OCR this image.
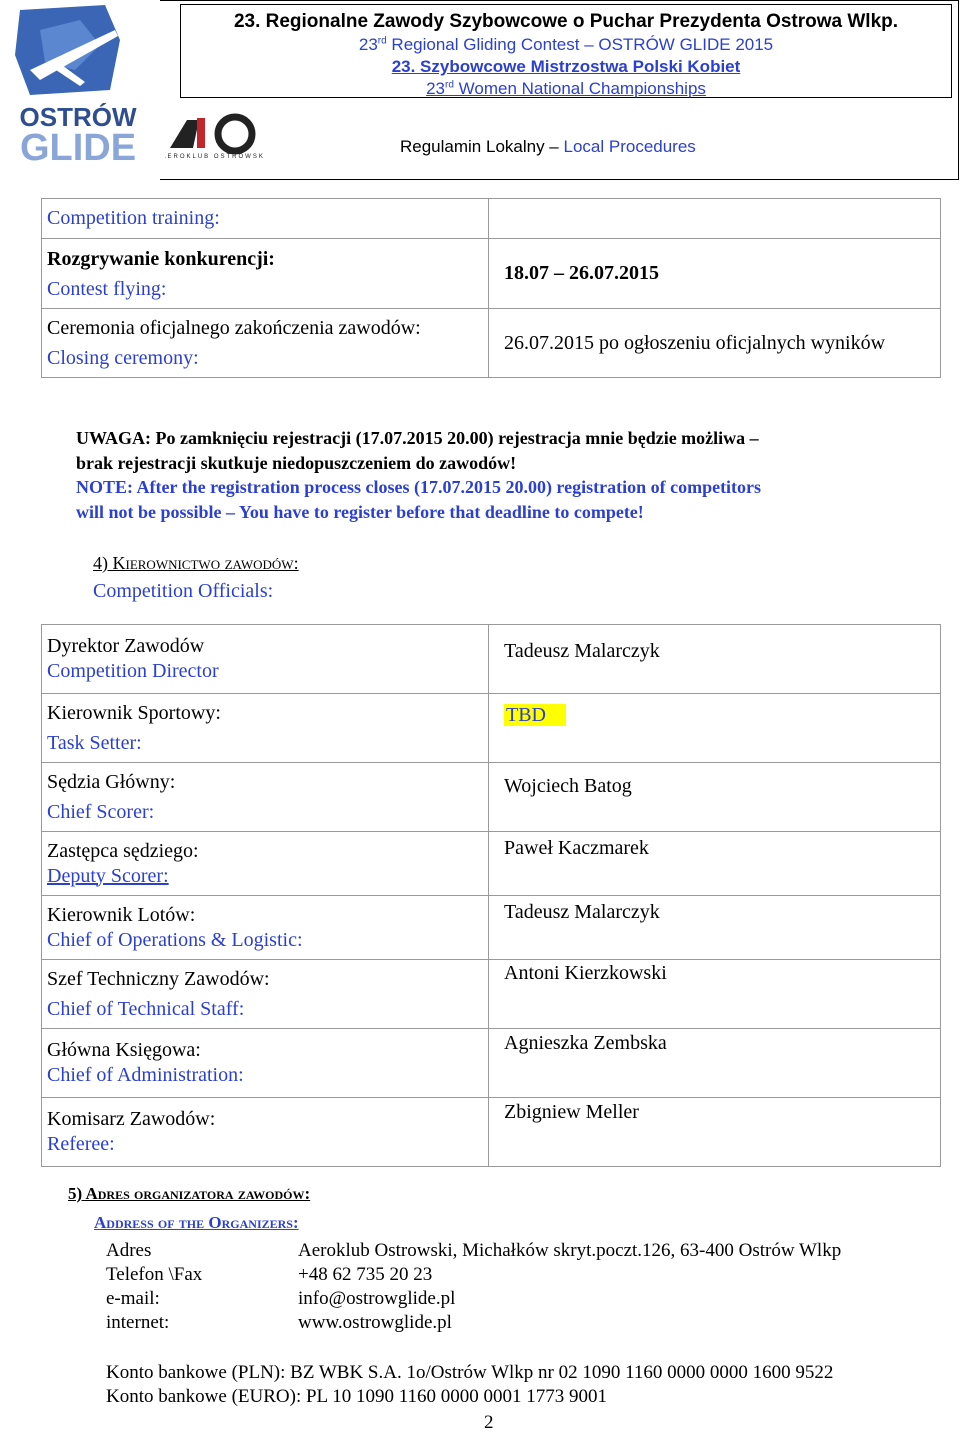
OSTRÓW
GLIDE
23. Regionalne Zawody Szybowcowe o Puchar Prezydenta Ostrowa Wlkp.
23rd Regional Gliding Contest – OSTRÓW GLIDE 2015
23. Szybowcowe Mistrzostwa Polski Kobiet
23rd Women National Championships
AEROKLUB OSTROWSKI
Regulamin Lokalny – Local Procedures
Competition training:	

Rozgrywanie konkurencji:
Contest flying:	18.07 – 26.07.2015

Ceremonia oficjalnego zakończenia zawodów:
Closing ceremony:	26.07.2015 po ogłoszeniu oficjalnych wyników
UWAGA: Po zamknięciu rejestracji (17.07.2015 20.00) rejestracja mnie będzie możliwa –
brak rejestracji skutkuje niedopuszczeniem do zawodów!
NOTE: After the registration process closes (17.07.2015 20.00) registration of competitors
will not be possible – You have to register before that deadline to compete!
4) Kierownictwo zawodów:
Competition Officials:
Dyrektor Zawodów
Competition Director	Tadeusz Malarczyk

Kierownik Sportowy:
Task Setter:	TBD

Sędzia Główny:
Chief Scorer:	Wojciech Batog

Zastępca sędziego:
Deputy Scorer:	Paweł Kaczmarek

Kierownik Lotów:
Chief of Operations & Logistic:	Tadeusz Malarczyk

Szef Techniczny Zawodów:
Chief of Technical Staff:	Antoni Kierzkowski

Główna Księgowa:
Chief of Administration:	Agnieszka Zembska

Komisarz Zawodów:
Referee:	Zbigniew Meller
5) Adres organizatora zawodów:
Address of the Organizers:
Adres	Aeroklub Ostrowski, Michałków skryt.poczt.126, 63-400 Ostrów Wlkp
Telefon \Fax	+48 62 735 20 23
e-mail:	info@ostrowglide.pl
internet:	www.ostrowglide.pl
Konto bankowe (PLN): BZ WBK S.A. 1o/Ostrów Wlkp nr 02 1090 1160 0000 0000 1600 9522
Konto bankowe (EURO): PL 10 1090 1160 0000 0001 1773 9001
2
